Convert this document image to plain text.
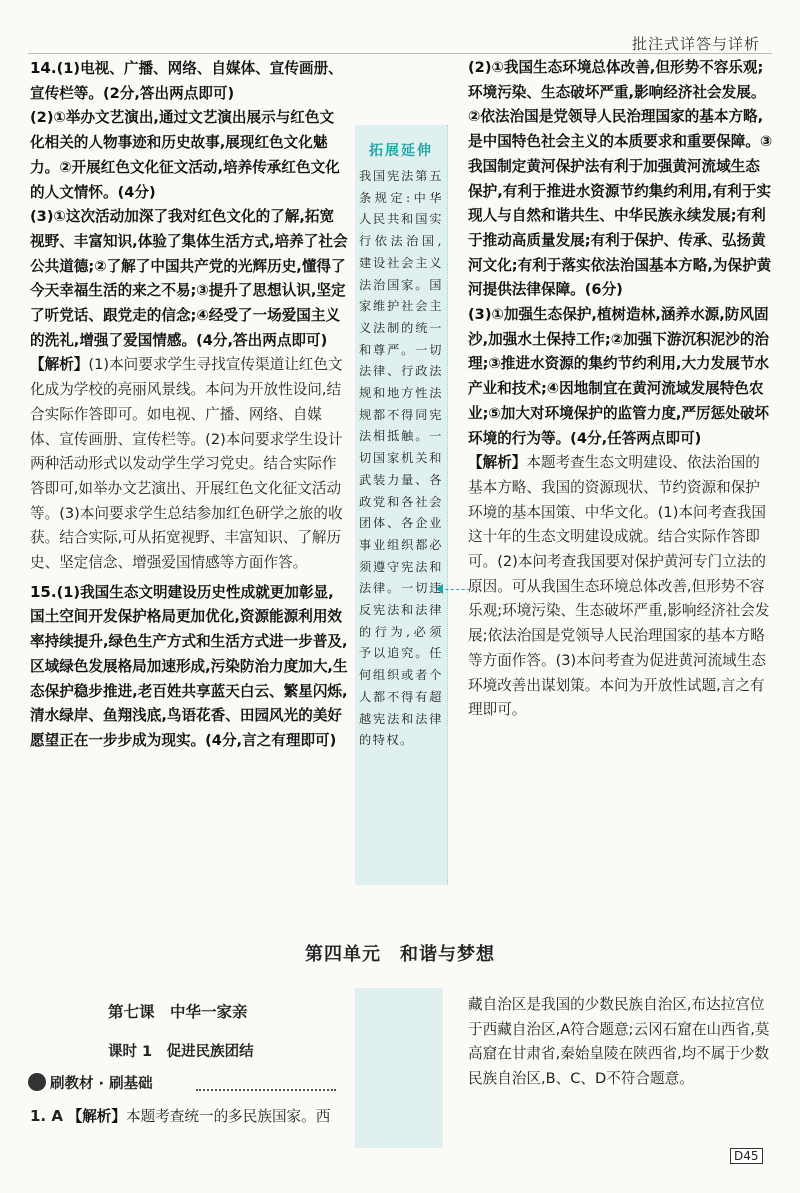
批注式详答与详析

14.(1)电视、广播、网络、自媒体、宣传画册、宣传栏等。(2分,答出两点即可)

(2)①举办文艺演出,通过文艺演出展示与红色文化相关的人物事迹和历史故事,展现红色文化魅力。②开展红色文化征文活动,培养传承红色文化的人文情怀。(4分)

(3)①这次活动加深了我对红色文化的了解,拓宽视野、丰富知识,体验了集体生活方式,培养了社会公共道德;②了解了中国共产党的光辉历史,懂得了今天幸福生活的来之不易;③提升了思想认识,坚定了听党话、跟党走的信念;④经受了一场爱国主义的洗礼,增强了爱国情感。(4分,答出两点即可)

【解析】(1)本问要求学生寻找宣传渠道让红色文化成为学校的亮丽风景线。本问为开放性设问,结合实际作答即可。如电视、广播、网络、自媒体、宣传画册、宣传栏等。(2)本问要求学生设计两种活动形式以发动学生学习党史。结合实际作答即可,如举办文艺演出、开展红色文化征文活动等。(3)本问要求学生总结参加红色研学之旅的收获。结合实际,可从拓宽视野、丰富知识、了解历史、坚定信念、增强爱国情感等方面作答。

15.(1)我国生态文明建设历史性成就更加彰显,国土空间开发保护格局更加优化,资源能源利用效率持续提升,绿色生产方式和生活方式进一步普及,区域绿色发展格局加速形成,污染防治力度加大,生态保护稳步推进,老百姓共享蓝天白云、繁星闪烁,清水绿岸、鱼翔浅底,鸟语花香、田园风光的美好愿望正在一步步成为现实。(4分,言之有理即可)

拓展延伸
我国宪法第五条规定:中华人民共和国实行依法治国,建设社会主义法治国家。国家维护社会主义法制的统一和尊严。一切法律、行政法规和地方性法规都不得同宪法相抵触。一切国家机关和武装力量、各政党和各社会团体、各企业事业组织都必须遵守宪法和法律。一切违反宪法和法律的行为,必须予以追究。任何组织或者个人都不得有超越宪法和法律的特权。

(2)①我国生态环境总体改善,但形势不容乐观;环境污染、生态破坏严重,影响经济社会发展。②依法治国是党领导人民治理国家的基本方略,是中国特色社会主义的本质要求和重要保障。③我国制定黄河保护法有利于加强黄河流域生态保护,有利于推进水资源节约集约利用,有利于实现人与自然和谐共生、中华民族永续发展;有利于推动高质量发展;有利于保护、传承、弘扬黄河文化;有利于落实依法治国基本方略,为保护黄河提供法律保障。(6分)

(3)①加强生态保护,植树造林,涵养水源,防风固沙,加强水土保持工作;②加强下游沉积泥沙的治理;③推进水资源的集约节约利用,大力发展节水产业和技术;④因地制宜在黄河流域发展特色农业;⑤加大对环境保护的监管力度,严厉惩处破坏环境的行为等。(4分,任答两点即可)

【解析】本题考查生态文明建设、依法治国的基本方略、我国的资源现状、节约资源和保护环境的基本国策、中华文化。(1)本问考查我国这十年的生态文明建设成就。结合实际作答即可。(2)本问考查我国要对保护黄河专门立法的原因。可从我国生态环境总体改善,但形势不容乐观;环境污染、生态破坏严重,影响经济社会发展;依法治国是党领导人民治理国家的基本方略等方面作答。(3)本问考查为促进黄河流域生态环境改善出谋划策。本问为开放性试题,言之有理即可。

第四单元　和谐与梦想
第七课　中华一家亲
课时 1　促进民族团结
刷教材 · 刷基础
1. A 【解析】本题考查统一的多民族国家。西
藏自治区是我国的少数民族自治区,布达拉宫位于西藏自治区,A符合题意;云冈石窟在山西省,莫高窟在甘肃省,秦始皇陵在陕西省,均不属于少数民族自治区,B、C、D不符合题意。
D45
